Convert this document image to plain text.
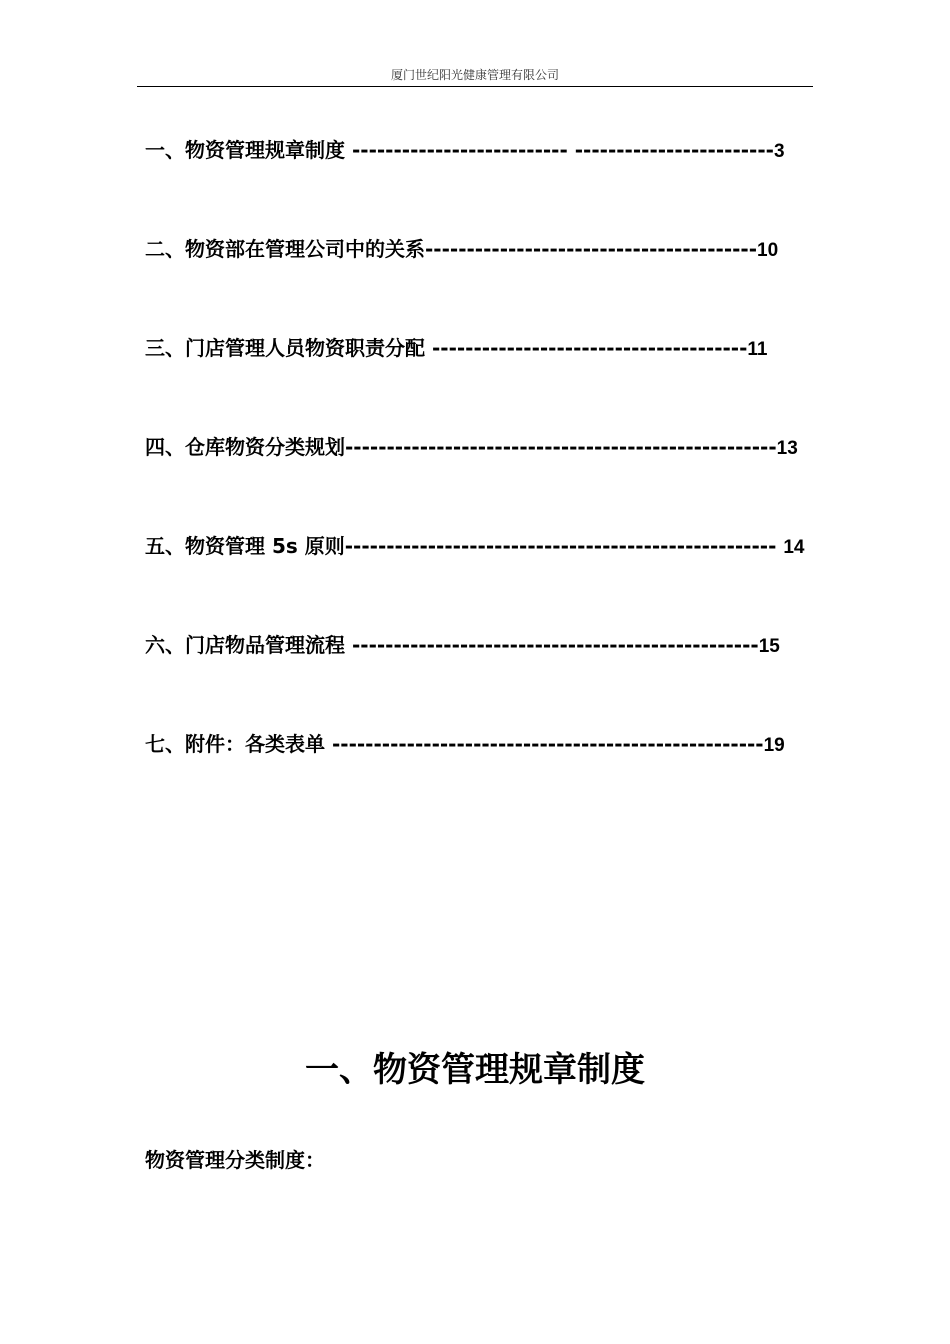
厦门世纪阳光健康管理有限公司
一、物资管理规章制度 -------------------------- ------------------------3
二、物资部在管理公司中的关系----------------------------------------10
三、门店管理人员物资职责分配 --------------------------------------11
四、仓库物资分类规划----------------------------------------------------13
五、物资管理 5s 原则---------------------------------------------------- 14
六、门店物品管理流程 -------------------------------------------------15
七、附件：各类表单 ----------------------------------------------------19
一、物资管理规章制度
物资管理分类制度：
